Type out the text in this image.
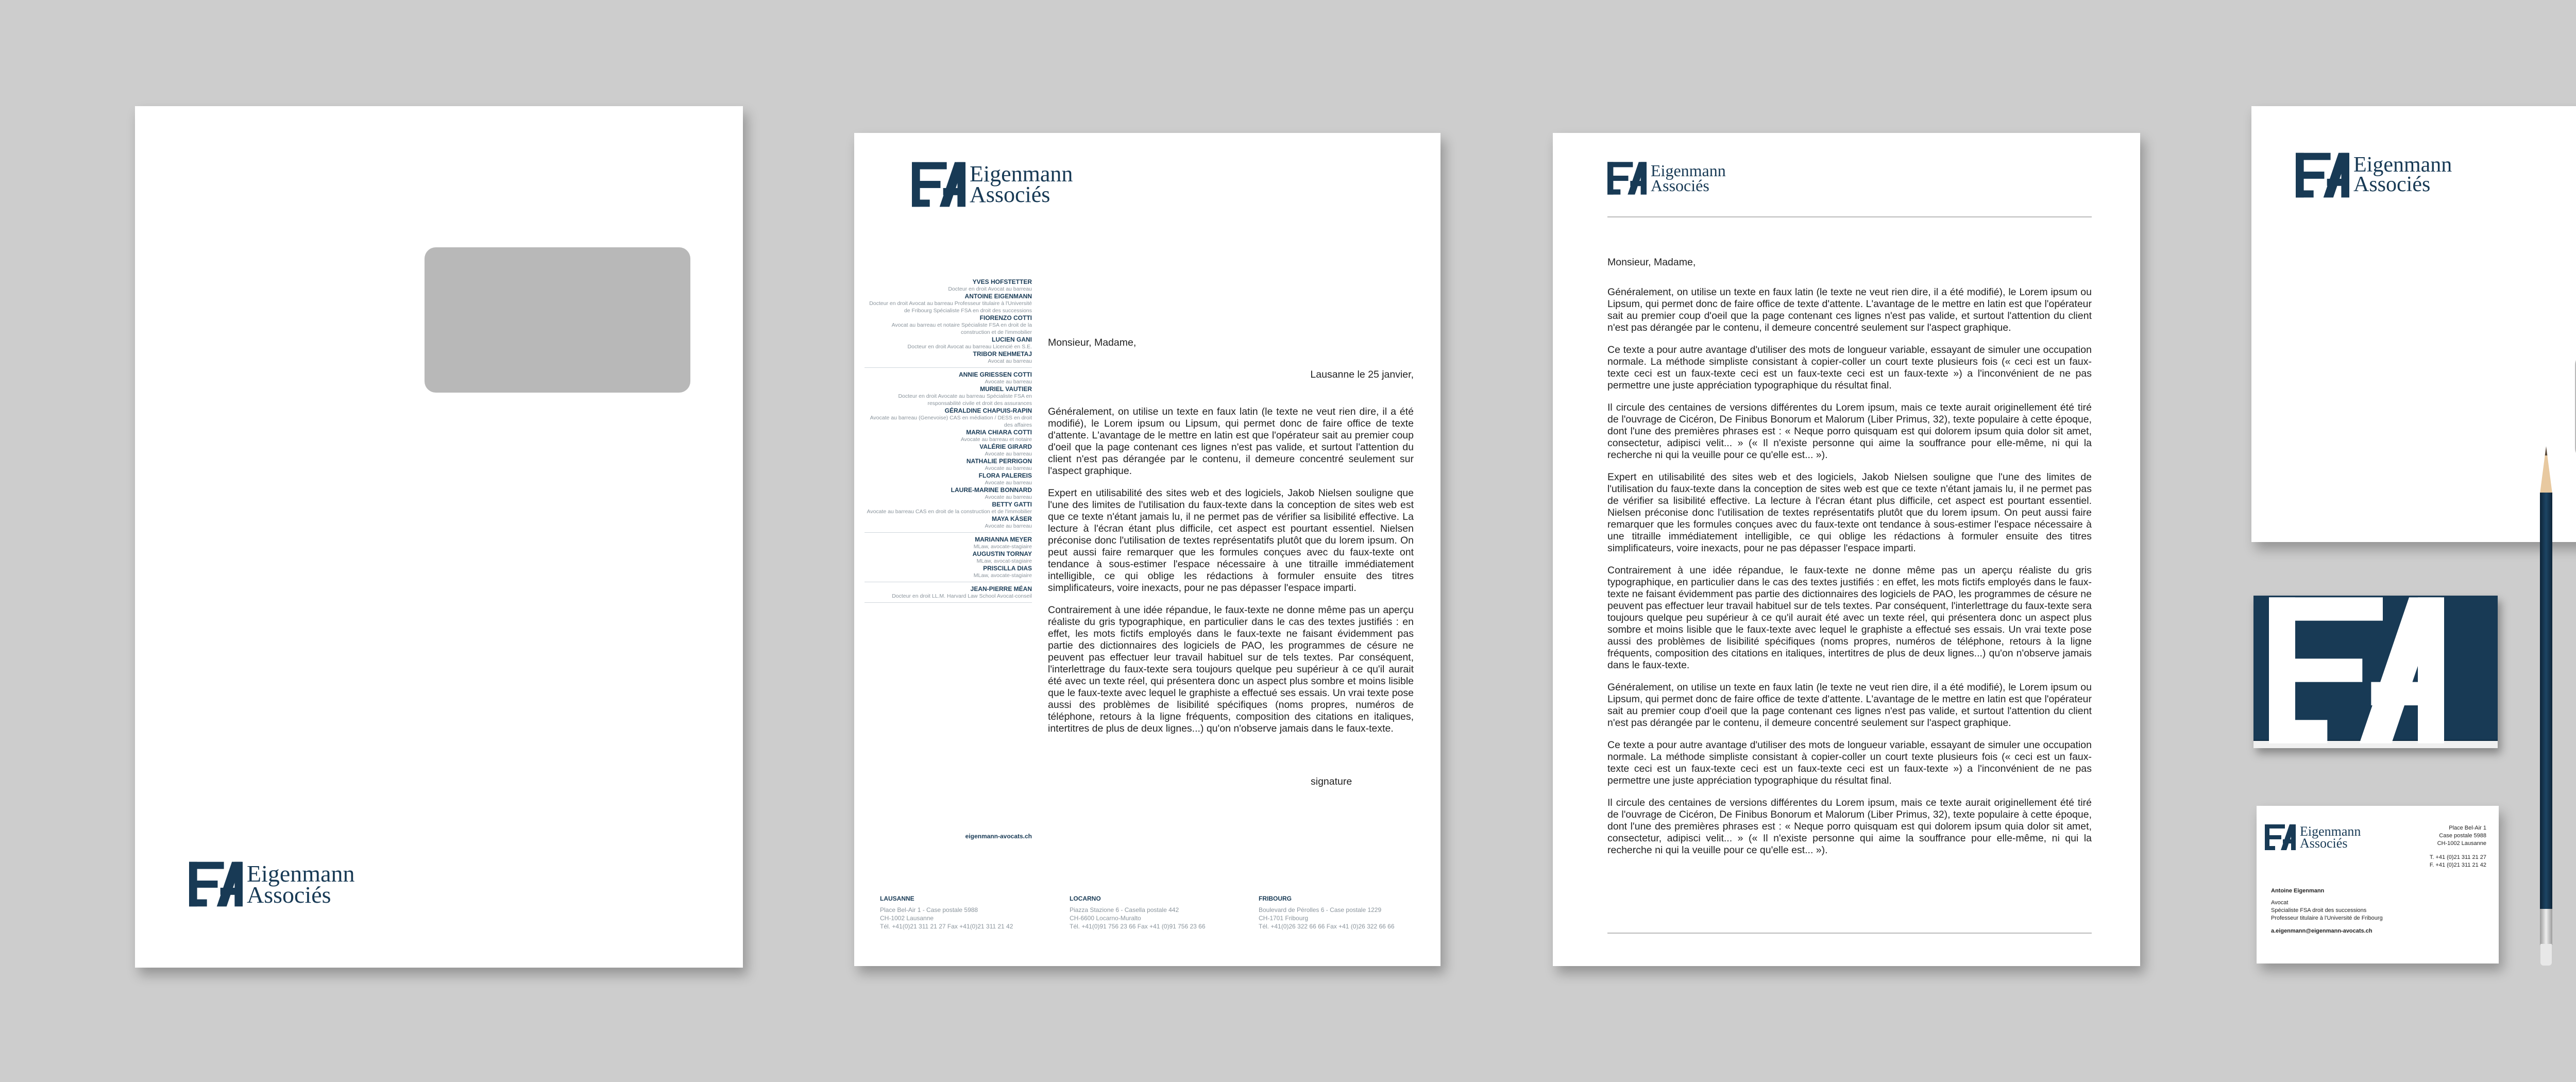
Eigenmann
Associés
Eigenmann
Associés
YVES HOFSTETTER
Docteur en droit Avocat au barreau
ANTOINE EIGENMANN
Docteur en droit Avocat au barreau Professeur titulaire à l'Université de Fribourg Spécialiste FSA en droit des successions
FIORENZO COTTI
Avocat au barreau et notaire Spécialiste FSA en droit de la construction et de l'immobilier
LUCIEN GANI
Docteur en droit Avocat au barreau Licencié en S.E.
TRIBOR NEHMETAJ
Avocat au barreau
ANNIE GRIESSEN COTTI
Avocate au barreau
MURIEL VAUTIER
Docteur en droit Avocate au barreau Spécialiste FSA en responsabilité civile et droit des assurances
GÉRALDINE CHAPUIS-RAPIN
Avocate au barreau (Genevoise) CAS en médiation / DESS en droit des affaires
MARIA CHIARA COTTI
Avocate au barreau et notaire
VALÉRIE GIRARD
Avocate au barreau
NATHALIE PERRIGON
Avocate au barreau
FLORA PALEREIS
Avocate au barreau
LAURE-MARINE BONNARD
Avocate au barreau
BETTY GATTI
Avocate au barreau CAS en droit de la construction et de l'immobilier
MAYA KÄSER
Avocate au barreau
MARIANNA MEYER
MLaw, avocate-stagiaire
AUGUSTIN TORNAY
MLaw, avocat-stagiaire
PRISCILLA DIAS
MLaw, avocate-stagiaire
JEAN-PIERRE MÉAN
Docteur en droit LL.M. Harvard Law School Avocat-conseil
eigenmann-avocats.ch
Monsieur, Madame,
Lausanne le 25 janvier,

Généralement, on utilise un texte en faux latin (le texte ne veut rien dire, il a été modifié), le Lorem ipsum ou Lipsum, qui permet donc de faire office de texte d'attente. L'avantage de le mettre en latin est que l'opérateur sait au premier coup d'oeil que la page contenant ces lignes n'est pas valide, et surtout l'attention du client n'est pas dérangée par le contenu, il demeure concentré seulement sur l'aspect graphique.

Expert en utilisabilité des sites web et des logiciels, Jakob Nielsen souligne que l'une des limites de l'utilisation du faux-texte dans la conception de sites web est que ce texte n'étant jamais lu, il ne permet pas de vérifier sa lisibilité effective. La lecture à l'écran étant plus difficile, cet aspect est pourtant essentiel. Nielsen préconise donc l'utilisation de textes représentatifs plutôt que du lorem ipsum. On peut aussi faire remarquer que les formules conçues avec du faux-texte ont tendance à sous-estimer l'espace nécessaire à une titraille immédiatement intelligible, ce qui oblige les rédactions à formuler ensuite des titres simplificateurs, voire inexacts, pour ne pas dépasser l'espace imparti.

Contrairement à une idée répandue, le faux-texte ne donne même pas un aperçu réaliste du gris typographique, en particulier dans le cas des textes justifiés : en effet, les mots fictifs employés dans le faux-texte ne faisant évidemment pas partie des dictionnaires des logiciels de PAO, les programmes de césure ne peuvent pas effectuer leur travail habituel sur de tels textes. Par conséquent, l'interlettrage du faux-texte sera toujours quelque peu supérieur à ce qu'il aurait été avec un texte réel, qui présentera donc un aspect plus sombre et moins lisible que le faux-texte avec lequel le graphiste a effectué ses essais. Un vrai texte pose aussi des problèmes de lisibilité spécifiques (noms propres, numéros de téléphone, retours à la ligne fréquents, composition des citations en italiques, intertitres de plus de deux lignes...) qu'on n'observe jamais dans le faux-texte.

signature
LAUSANNE
Place Bel-Air 1 - Case postale 5988
CH-1002 Lausanne
Tél. +41(0)21 311 21 27 Fax +41(0)21 311 21 42
LOCARNO
Piazza Stazione 6 - Casella postale 442
CH-6600 Locarno-Muralto
Tél. +41(0)91 756 23 66 Fax +41 (0)91 756 23 66
FRIBOURG
Boulevard de Pérolles 6 - Case postale 1229
CH-1701 Fribourg
Tél. +41(0)26 322 66 66 Fax +41 (0)26 322 66 66
Eigenmann
Associés
Monsieur, Madame,

Généralement, on utilise un texte en faux latin (le texte ne veut rien dire, il a été modifié), le Lorem ipsum ou Lipsum, qui permet donc de faire office de texte d'attente. L'avantage de le mettre en latin est que l'opérateur sait au premier coup d'oeil que la page contenant ces lignes n'est pas valide, et surtout l'attention du client n'est pas dérangée par le contenu, il demeure concentré seulement sur l'aspect graphique.

Ce texte a pour autre avantage d'utiliser des mots de longueur variable, essayant de simuler une occupation normale. La méthode simpliste consistant à copier-coller un court texte plusieurs fois (« ceci est un faux-texte ceci est un faux-texte ceci est un faux-texte ceci est un faux-texte ») a l'inconvénient de ne pas permettre une juste appréciation typographique du résultat final.

Il circule des centaines de versions différentes du Lorem ipsum, mais ce texte aurait originellement été tiré de l'ouvrage de Cicéron, De Finibus Bonorum et Malorum (Liber Primus, 32), texte populaire à cette époque, dont l'une des premières phrases est : « Neque porro quisquam est qui dolorem ipsum quia dolor sit amet, consectetur, adipisci velit... » (« Il n'existe personne qui aime la souffrance pour elle-même, ni qui la recherche ni qui la veuille pour ce qu'elle est... »).

Expert en utilisabilité des sites web et des logiciels, Jakob Nielsen souligne que l'une des limites de l'utilisation du faux-texte dans la conception de sites web est que ce texte n'étant jamais lu, il ne permet pas de vérifier sa lisibilité effective. La lecture à l'écran étant plus difficile, cet aspect est pourtant essentiel. Nielsen préconise donc l'utilisation de textes représentatifs plutôt que du lorem ipsum. On peut aussi faire remarquer que les formules conçues avec du faux-texte ont tendance à sous-estimer l'espace nécessaire à une titraille immédiatement intelligible, ce qui oblige les rédactions à formuler ensuite des titres simplificateurs, voire inexacts, pour ne pas dépasser l'espace imparti.

Contrairement à une idée répandue, le faux-texte ne donne même pas un aperçu réaliste du gris typographique, en particulier dans le cas des textes justifiés : en effet, les mots fictifs employés dans le faux-texte ne faisant évidemment pas partie des dictionnaires des logiciels de PAO, les programmes de césure ne peuvent pas effectuer leur travail habituel sur de tels textes. Par conséquent, l'interlettrage du faux-texte sera toujours quelque peu supérieur à ce qu'il aurait été avec un texte réel, qui présentera donc un aspect plus sombre et moins lisible que le faux-texte avec lequel le graphiste a effectué ses essais. Un vrai texte pose aussi des problèmes de lisibilité spécifiques (noms propres, numéros de téléphone, retours à la ligne fréquents, composition des citations en italiques, intertitres de plus de deux lignes...) qu'on n'observe jamais dans le faux-texte.

Généralement, on utilise un texte en faux latin (le texte ne veut rien dire, il a été modifié), le Lorem ipsum ou Lipsum, qui permet donc de faire office de texte d'attente. L'avantage de le mettre en latin est que l'opérateur sait au premier coup d'oeil que la page contenant ces lignes n'est pas valide, et surtout l'attention du client n'est pas dérangée par le contenu, il demeure concentré seulement sur l'aspect graphique.

Ce texte a pour autre avantage d'utiliser des mots de longueur variable, essayant de simuler une occupation normale. La méthode simpliste consistant à copier-coller un court texte plusieurs fois (« ceci est un faux-texte ceci est un faux-texte ceci est un faux-texte ceci est un faux-texte ») a l'inconvénient de ne pas permettre une juste appréciation typographique du résultat final.

Il circule des centaines de versions différentes du Lorem ipsum, mais ce texte aurait originellement été tiré de l'ouvrage de Cicéron, De Finibus Bonorum et Malorum (Liber Primus, 32), texte populaire à cette époque, dont l'une des premières phrases est : « Neque porro quisquam est qui dolorem ipsum quia dolor sit amet, consectetur, adipisci velit... » (« Il n'existe personne qui aime la souffrance pour elle-même, ni qui la recherche ni qui la veuille pour ce qu'elle est... »).

Eigenmann
Associés
Eigenmann
Associés
Place Bel-Air 1
Case postale 5988
CH-1002 Lausanne
T. +41 (0)21 311 21 27
F. +41 (0)21 311 21 42
Antoine Eigenmann
Avocat
Spécialiste FSA droit des successions
Professeur titulaire à l'Université de Fribourg
a.eigenmann@eigenmann-avocats.ch
